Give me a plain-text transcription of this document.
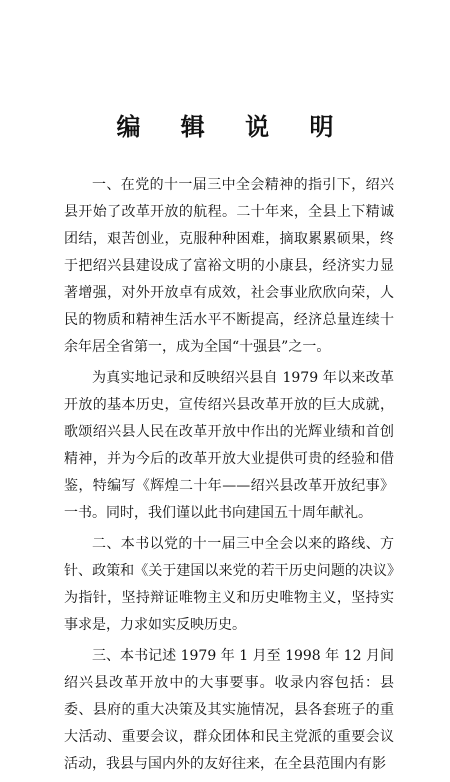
编 辑 说 明

一、在党的十一届三中全会精神的指引下，绍兴县开始了改革开放的航程。二十年来，全县上下精诚团结，艰苦创业，克服种种困难，摘取累累硕果，终于把绍兴县建设成了富裕文明的小康县，经济实力显著增强，对外开放卓有成效，社会事业欣欣向荣，人民的物质和精神生活水平不断提高，经济总量连续十余年居全省第一，成为全国“十强县”之一。

为真实地记录和反映绍兴县自 1979 年以来改革开放的基本历史，宣传绍兴县改革开放的巨大成就，歌颂绍兴县人民在改革开放中作出的光辉业绩和首创精神，并为今后的改革开放大业提供可贵的经验和借鉴，特编写《辉煌二十年——绍兴县改革开放纪事》一书。同时，我们谨以此书向建国五十周年献礼。

二、本书以党的十一届三中全会以来的路线、方针、政策和《关于建国以来党的若干历史问题的决议》为指针，坚持辩证唯物主义和历史唯物主义，坚持实事求是，力求如实反映历史。

三、本书记述 1979 年 1 月至 1998 年 12 月间绍兴县改革开放中的大事要事。收录内容包括：县委、县府的重大决策及其实施情况，县各套班子的重大活动、重要会议，群众团体和民主党派的重要会议活动，我县与国内外的友好往来，在全县范围内有影
